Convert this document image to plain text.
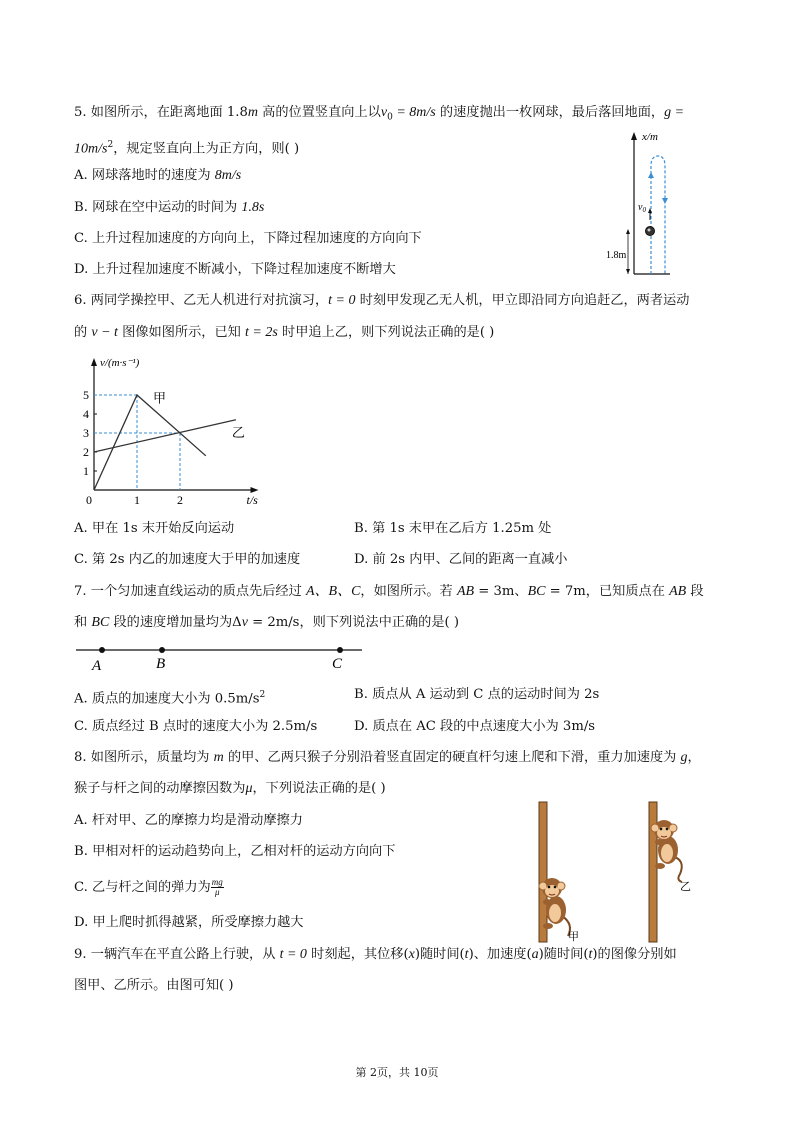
5. 如图所示，在距离地面 1.8m 高的位置竖直向上以$v_0 = 8m/s$ 的速度抛出一枚网球，最后落回地面，g =
$10m/s^2$，规定竖直向上为正方向，则( )
A. 网球落地时的速度为 8m/s
B. 网球在空中运动的时间为 1.8s
C. 上升过程加速度的方向向上，下降过程加速度的方向向下
D. 上升过程加速度不断减小，下降过程加速度不断增大
x/m
$v_0$
1.8m
6. 两同学操控甲、乙无人机进行对抗演习，t = 0 时刻甲发现乙无人机，甲立即沿同方向追赶乙，两者运动
的 v − t 图像如图所示，已知 t = 2s 时甲追上乙，则下列说法正确的是( )
v/(m·s⁻¹)
t/s
1
2
3
4
5
0	1	2
甲
乙
A. 甲在 1s 末开始反向运动	B. 第 1s 末甲在乙后方 1.25m 处
C. 第 2s 内乙的加速度大于甲的加速度	D. 前 2s 内甲、乙间的距离一直减小
7. 一个匀加速直线运动的质点先后经过 A、B、C，如图所示。若 AB = 3m、BC = 7m，已知质点在 AB 段
和 BC 段的速度增加量均为Δv = 2m/s，则下列说法中正确的是( )
A	B	C
A. 质点的加速度大小为 $0.5m/s^2$	B. 质点从 A 运动到 C 点的运动时间为 2s
C. 质点经过 B 点时的速度大小为 2.5m/s	D. 质点在 AC 段的中点速度大小为 3m/s
8. 如图所示，质量均为 m 的甲、乙两只猴子分别沿着竖直固定的硬直杆匀速上爬和下滑，重力加速度为 g，
猴子与杆之间的动摩擦因数为μ，下列说法正确的是( )
A. 杆对甲、乙的摩擦力均是滑动摩擦力
B. 甲相对杆的运动趋势向上，乙相对杆的运动方向向下
C. 乙与杆之间的弹力为 $\frac{mg}{\mu}$
D. 甲上爬时抓得越紧，所受摩擦力越大
甲
乙
9. 一辆汽车在平直公路上行驶，从 t = 0 时刻起，其位移(x)随时间(t)、加速度(a)随时间(t)的图像分别如
图甲、乙所示。由图可知( )
第 2页，共 10页
